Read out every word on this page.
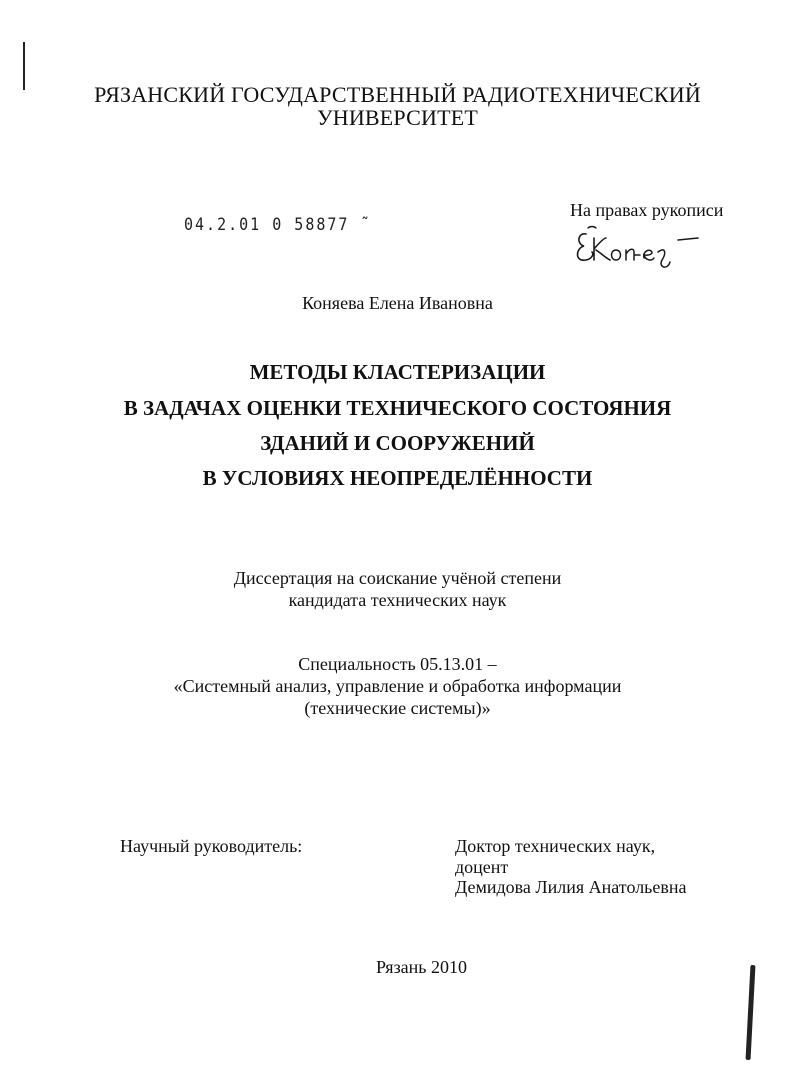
РЯЗАНСКИЙ ГОСУДАРСТВЕННЫЙ РАДИОТЕХНИЧЕСКИЙ
УНИВЕРСИТЕТ
04.2.01 0 58877 ˜
На правах рукописи
Коняева Елена Ивановна
МЕТОДЫ КЛАСТЕРИЗАЦИИ
В ЗАДАЧАХ ОЦЕНКИ ТЕХНИЧЕСКОГО СОСТОЯНИЯ
ЗДАНИЙ И СООРУЖЕНИЙ
В УСЛОВИЯХ НЕОПРЕДЕЛЁННОСТИ
Диссертация на соискание учёной степени
кандидата технических наук
Специальность 05.13.01 –
«Системный анализ, управление и обработка информации
(технические системы)»
Научный руководитель:	Доктор технических наук,
доцент
Демидова Лилия Анатольевна
Рязань 2010
